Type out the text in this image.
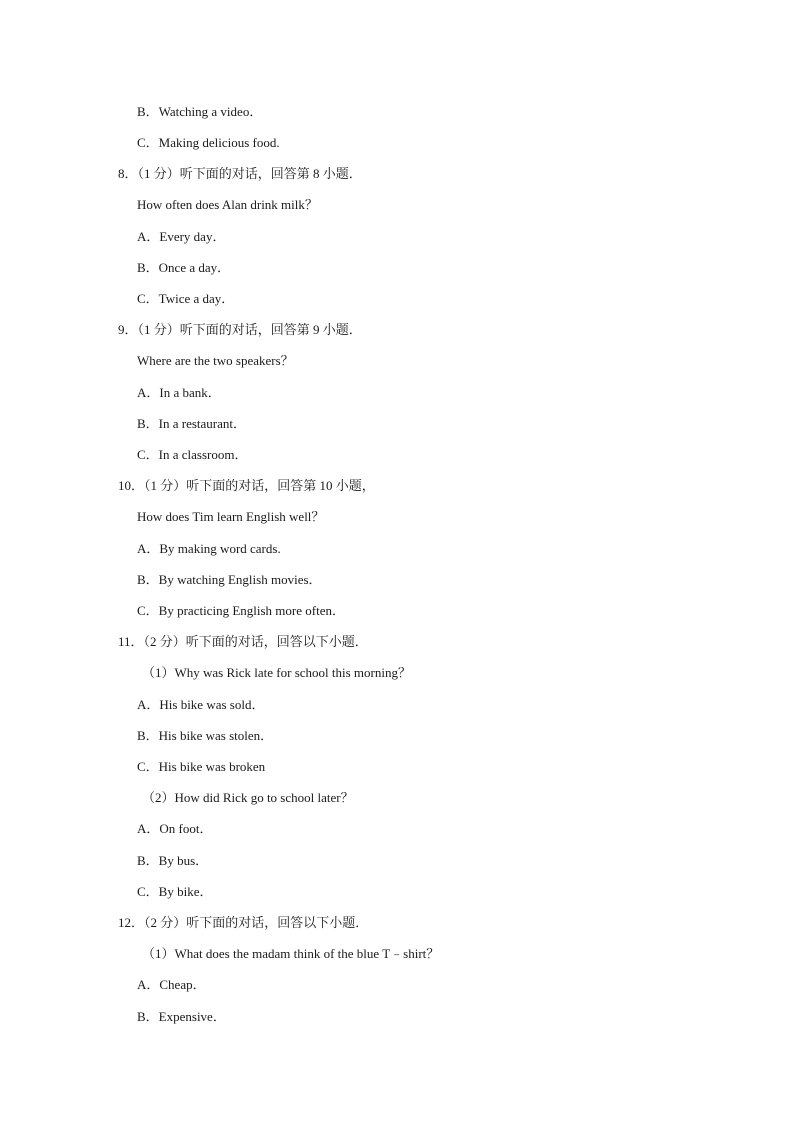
B．Watching a video．
C．Making delicious food.
8．（1 分）听下面的对话，回答第 8 小题．
How often does Alan drink milk？
A．Every day．
B．Once a day．
C．Twice a day．
9．（1 分）听下面的对话，回答第 9 小题．
Where are the two speakers？
A．In a bank．
B．In a restaurant．
C．In a classroom．
10．（1 分）听下面的对话，回答第 10 小题，
How does Tim learn English well？
A．By making word cards.
B．By watching English movies．
C．By practicing English more often．
11．（2 分）听下面的对话，回答以下小题．
（1）Why was Rick late for school this morning？
A．His bike was sold．
B．His bike was stolen．
C．His bike was broken
（2）How did Rick go to school later？
A．On foot．
B．By bus．
C．By bike．
12．（2 分）听下面的对话，回答以下小题．
（1）What does the madam think of the blue T﹣shirt？
A．Cheap．
B．Expensive．
